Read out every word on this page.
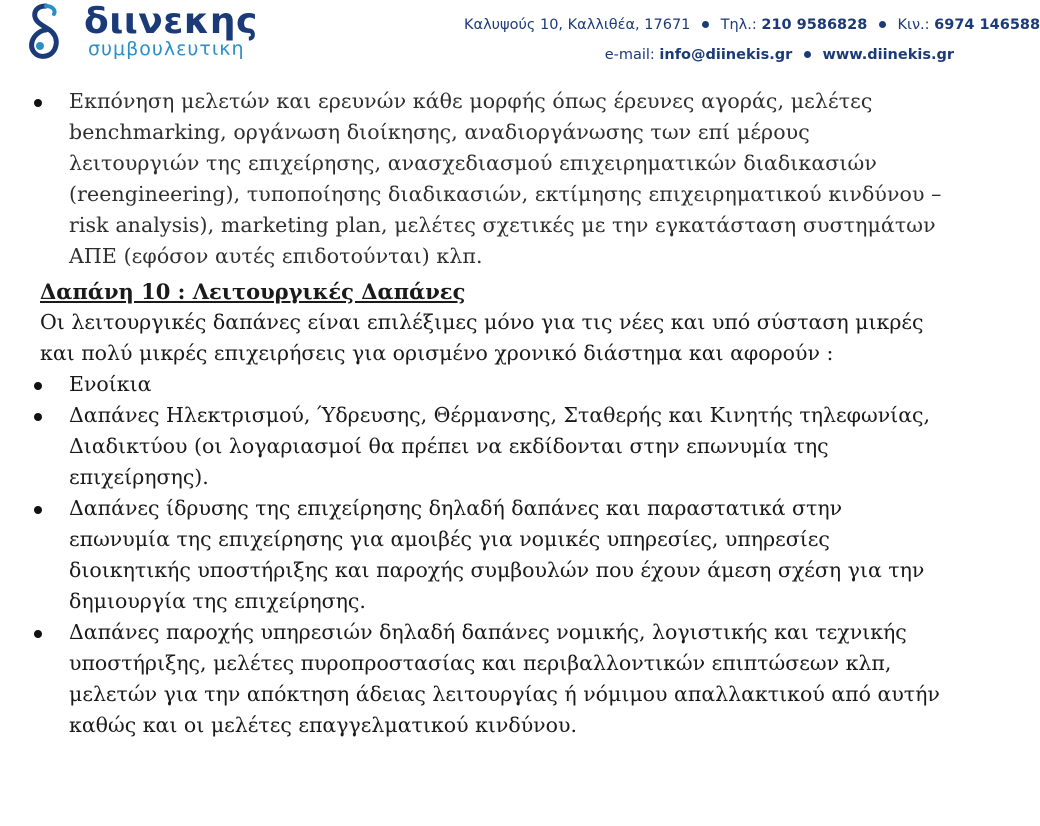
διινεκης
συμβουλευτικη
Καλυψούς 10, Καλλιθέα, 17671 Τηλ.: 210 9586828 Κιν.: 6974 146588
e-mail: info@diinekis.gr www.diinekis.gr
Εκπόνηση μελετών και ερευνών κάθε μορφής όπως έρευνες αγοράς, μελέτες benchmarking, οργάνωση διοίκησης, αναδιοργάνωσης των επί μέρους λειτουργιών της επιχείρησης, ανασχεδιασμού επιχειρηματικών διαδικασιών (reengineering), τυποποίησης διαδικασιών, εκτίμησης επιχειρηματικού κινδύνου – risk analysis), marketing plan, μελέτες σχετικές με την εγκατάσταση συστημάτων ΑΠΕ (εφόσον αυτές επιδοτούνται) κλπ.
Δαπάνη 10 : Λειτουργικές Δαπάνες
Οι λειτουργικές δαπάνες είναι επιλέξιμες μόνο για τις νέες και υπό σύσταση μικρές και πολύ μικρές επιχειρήσεις για ορισμένο χρονικό διάστημα και αφορούν :
Ενοίκια
Δαπάνες Ηλεκτρισμού, Ύδρευσης, Θέρμανσης, Σταθερής και Κινητής τηλεφωνίας, Διαδικτύου (οι λογαριασμοί θα πρέπει να εκδίδονται στην επωνυμία της επιχείρησης).
Δαπάνες ίδρυσης της επιχείρησης δηλαδή δαπάνες και παραστατικά στην επωνυμία της επιχείρησης για αμοιβές για νομικές υπηρεσίες, υπηρεσίες διοικητικής υποστήριξης και παροχής συμβουλών που έχουν άμεση σχέση για την δημιουργία της επιχείρησης.
Δαπάνες παροχής υπηρεσιών δηλαδή δαπάνες νομικής, λογιστικής και τεχνικής υποστήριξης, μελέτες πυροπροστασίας και περιβαλλοντικών επιπτώσεων κλπ, μελετών για την απόκτηση άδειας λειτουργίας ή νόμιμου απαλλακτικού από αυτήν καθώς και οι μελέτες επαγγελματικού κινδύνου.
